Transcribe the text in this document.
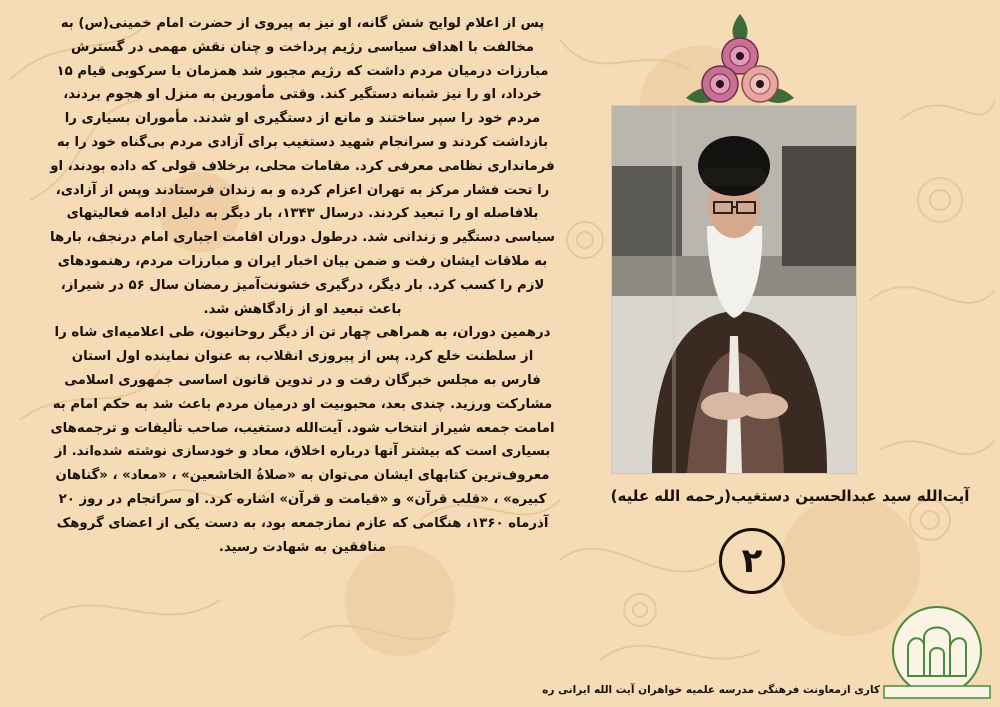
پس از اعلام لوایح شش گانه، او نیز به پیروی از حضرت امام خمینی(س) به مخالفت با اهداف سیاسی رژیم پرداخت و چنان نقش مهمی در گسترش مبارزات درمیان مردم داشت که رژیم مجبور شد همزمان با سرکوبی قیام ۱۵ خرداد، او را نیز شبانه دستگیر کند. وقتی مأمورین به منزل او هجوم بردند، مردم خود را سپر ساختند و مانع از دستگیری او شدند. مأموران بسیاری را بازداشت کردند و سرانجام شهید دستغیب برای آزادی مردم بی‌گناه خود را به فرمانداری نظامی معرفی کرد. مقامات محلی، برخلاف قولی که داده بودند، او را تحت فشار مرکز به تهران اعزام کرده و به زندان فرستادند وپس از آزادی، بلافاصله او را تبعید کردند. درسال ۱۳۴۳، بار دیگر به دلیل ادامه فعالیتهای سیاسی دستگیر و زندانی شد. درطول دوران اقامت اجباری امام درنجف، بارها به ملاقات ایشان رفت و ضمن بیان اخبار ایران و مبارزات مردم، رهنمودهای لازم را کسب کرد. بار دیگر، درگیری خشونت‌آمیز رمضان سال ۵۶ در شیراز، باعث تبعید او از زادگاهش شد.

درهمین دوران، به همراهی چهار تن از دیگر روحانیون، طی اعلامیه‌ای شاه را از سلطنت خلع کرد. پس از پیروزی انقلاب، به عنوان نماینده اول استان فارس به مجلس خبرگان رفت و در تدوین قانون اساسی جمهوری اسلامی مشارکت ورزید. چندی بعد، محبوبیت او درمیان مردم باعث شد به حکم امام به امامت جمعه شیراز انتخاب شود. آیت‌الله دستغیب، صاحب تألیفات و ترجمه‌های بسیاری است که بیشتر آنها درباره اخلاق، معاد و خودسازی نوشته شده‌اند. از معروف‌ترین کتابهای ایشان می‌توان به «صلاةُ الخاشعین» ، «معاد» ، «گناهان کبیره» ، «قلب قرآن» و «قیامت و قرآن» اشاره کرد. او سرانجام در روز ۲۰ آذرماه ۱۳۶۰، هنگامی که عازم نمازجمعه بود، به دست یکی از اعضای گروهک منافقین به شهادت رسید.

آیت‌الله سید عبدالحسین دستغیب(رحمه الله علیه)
۲
کاری ازمعاونت فرهنگی مدرسه علمیه خواهران آیت الله ایرانی ره
